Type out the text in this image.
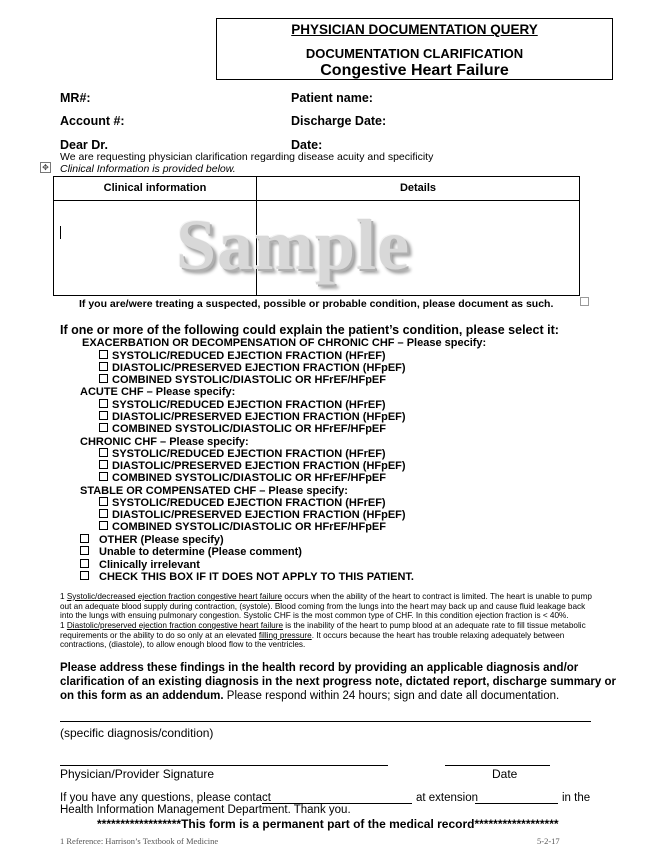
PHYSICIAN DOCUMENTATION QUERY
DOCUMENTATION CLARIFICATION
Congestive Heart Failure
MR#:	Patient name:
Account #:	Discharge Date:
Dear Dr.	Date:
We are requesting physician clarification regarding disease acuity and specificity
✥ Clinical Information is provided below.
Clinical information	Details
Sample
If you are/were treating a suspected, possible or probable condition, please document as such.
If one or more of the following could explain the patient’s condition, please select it:
EXACERBATION OR DECOMPENSATION OF CHRONIC CHF – Please specify:
SYSTOLIC/REDUCED EJECTION FRACTION (HFrEF)
DIASTOLIC/PRESERVED EJECTION FRACTION (HFpEF)
COMBINED SYSTOLIC/DIASTOLIC OR HFrEF/HFpEF
ACUTE CHF – Please specify:
SYSTOLIC/REDUCED EJECTION FRACTION (HFrEF)
DIASTOLIC/PRESERVED EJECTION FRACTION (HFpEF)
COMBINED SYSTOLIC/DIASTOLIC OR HFrEF/HFpEF
CHRONIC CHF – Please specify:
SYSTOLIC/REDUCED EJECTION FRACTION (HFrEF)
DIASTOLIC/PRESERVED EJECTION FRACTION (HFpEF)
COMBINED SYSTOLIC/DIASTOLIC OR HFrEF/HFpEF
STABLE OR COMPENSATED CHF – Please specify:
SYSTOLIC/REDUCED EJECTION FRACTION (HFrEF)
DIASTOLIC/PRESERVED EJECTION FRACTION (HFpEF)
COMBINED SYSTOLIC/DIASTOLIC OR HFrEF/HFpEF
OTHER (Please specify)
Unable to determine (Please comment)
Clinically irrelevant
CHECK THIS BOX IF IT DOES NOT APPLY TO THIS PATIENT.
1 Systolic/decreased ejection fraction congestive heart failure occurs when the ability of the heart to contract is limited. The heart is unable to pump
out an adequate blood supply during contraction, (systole). Blood coming from the lungs into the heart may back up and cause fluid leakage back
into the lungs with ensuing pulmonary congestion. Systolic CHF is the most common type of CHF. In this condition ejection fraction is < 40%.
1 Diastolic/preserved ejection fraction congestive heart failure is the inability of the heart to pump blood at an adequate rate to fill tissue metabolic
requirements or the ability to do so only at an elevated filling pressure. It occurs because the heart has trouble relaxing adequately between
contractions, (diastole), to allow enough blood flow to the ventricles.
Please address these findings in the health record by providing an applicable diagnosis and/or
clarification of an existing diagnosis in the next progress note, dictated report, discharge summary or
on this form as an addendum. Please respond within 24 hours; sign and date all documentation.
(specific diagnosis/condition)
Physician/Provider Signature	Date
If you have any questions, please contact	at extension	in the
Health Information Management Department. Thank you.
******************This form is a permanent part of the medical record******************
1 Reference: Harrison’s Textbook of Medicine	5-2-17
